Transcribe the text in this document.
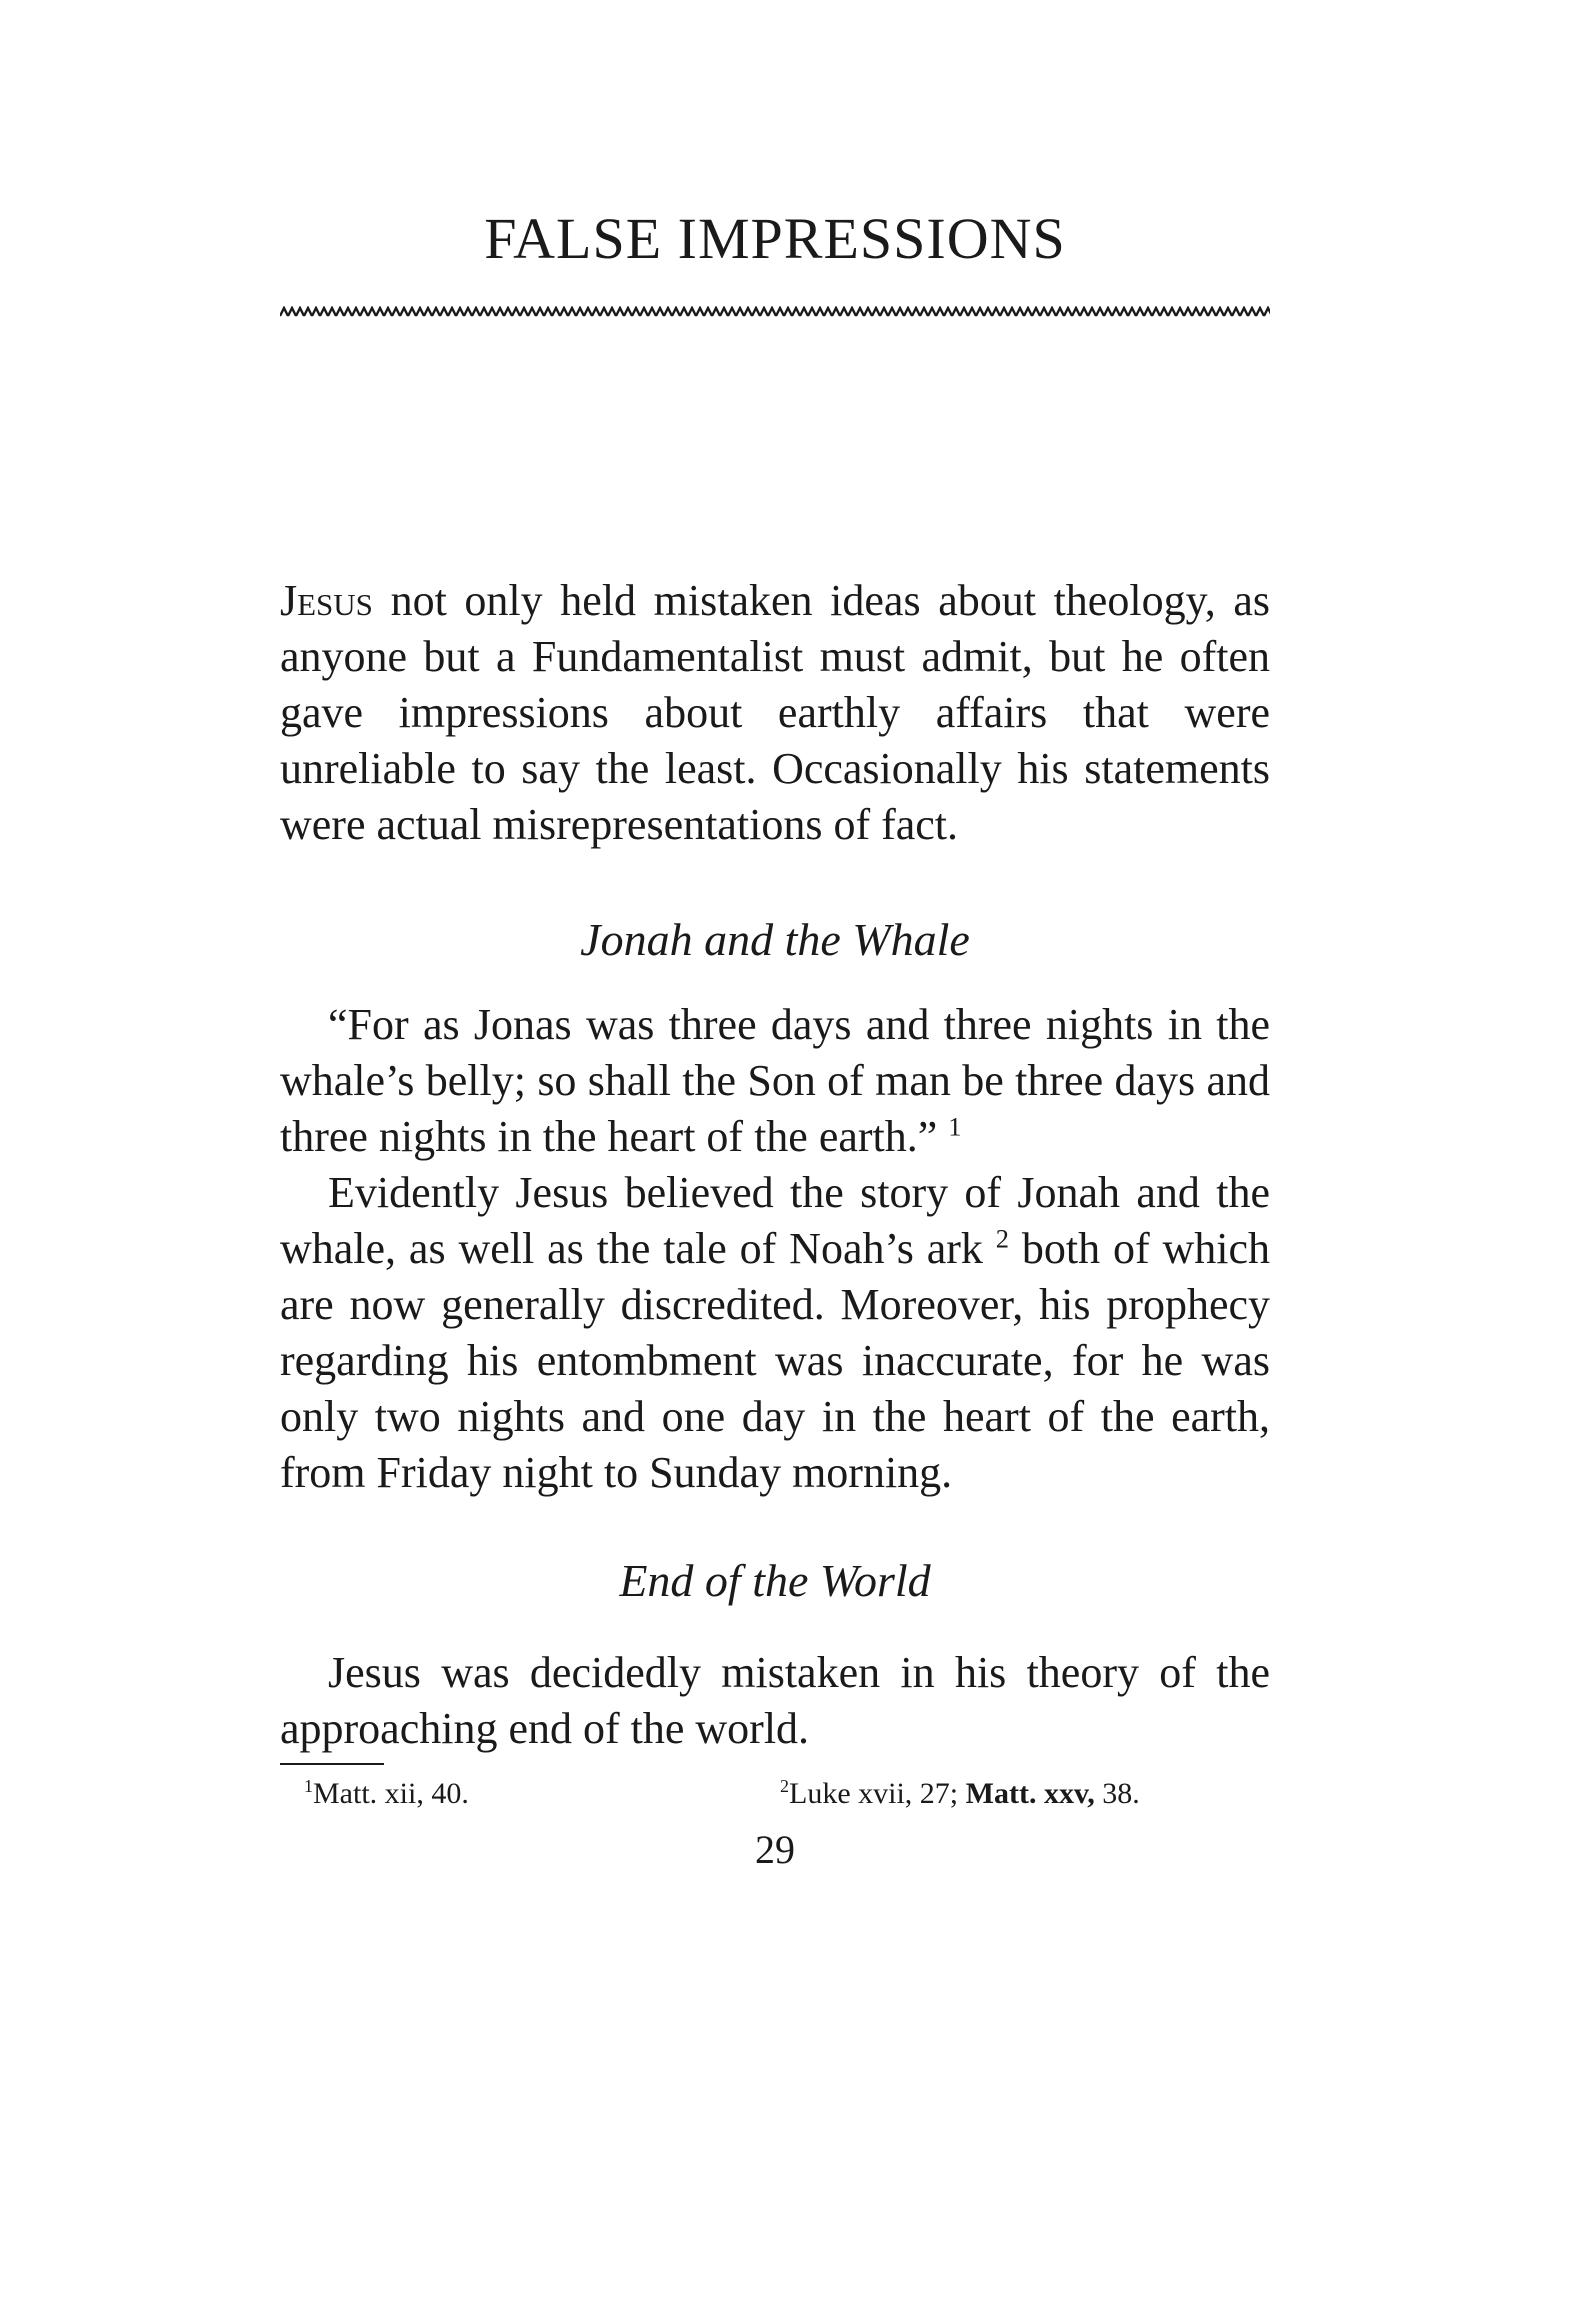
FALSE IMPRESSIONS

Jesus not only held mistaken ideas about theology, as anyone but a Fundamentalist must admit, but he often gave impressions about earthly affairs that were unreliable to say the least. Occasionally his statements were actual misrepresentations of fact.

Jonah and the Whale

“For as Jonas was three days and three nights in the whale’s belly; so shall the Son of man be three days and three nights in the heart of the earth.” $^1$

Evidently Jesus believed the story of Jonah and the whale, as well as the tale of Noah’s ark $^2$ both of which are now generally discredited. Moreover, his prophecy regarding his entombment was inaccurate, for he was only two nights and one day in the heart of the earth, from Friday night to Sunday morning.

End of the World

Jesus was decidedly mistaken in his theory of the approaching end of the world.

$^1$Matt. xii, 40.	$^2$Luke xvii, 27; Matt. xxv, 38.
29
